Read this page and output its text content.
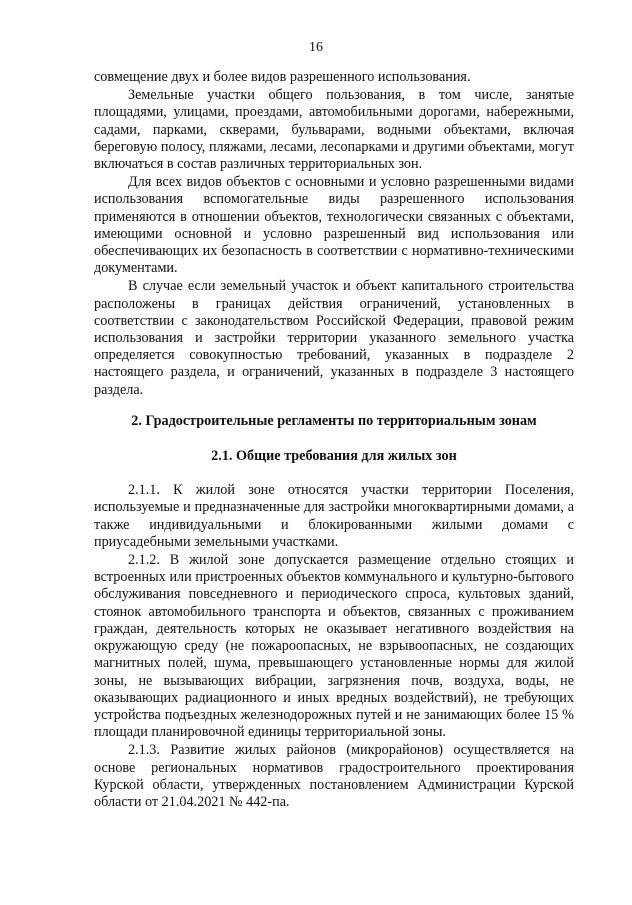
16

совмещение двух и более видов разрешенного использования.

Земельные участки общего пользования, в том числе, занятые площадями, улицами, проездами, автомобильными дорогами, набережными, садами, парками, скверами, бульварами, водными объектами, включая береговую полосу, пляжами, лесами, лесопарками и другими объектами, могут включаться в состав различных территориальных зон.

Для всех видов объектов с основными и условно разрешенными видами использования вспомогательные виды разрешенного использования применяются в отношении объектов, технологически связанных с объектами, имеющими основной и условно разрешенный вид использования или обеспечивающих их безопасность в соответствии с нормативно-техническими документами.

В случае если земельный участок и объект капитального строительства расположены в границах действия ограничений, установленных в соответствии с законодательством Российской Федерации, правовой режим использования и застройки территории указанного земельного участка определяется совокупностью требований, указанных в подразделе 2 настоящего раздела, и ограничений, указанных в подразделе 3 настоящего раздела.

2. Градостроительные регламенты по территориальным зонам
2.1. Общие требования для жилых зон

2.1.1. К жилой зоне относятся участки территории Поселения, используемые и предназначенные для застройки многоквартирными домами, а также индивидуальными и блокированными жилыми домами с приусадебными земельными участками.

2.1.2. В жилой зоне допускается размещение отдельно стоящих и встроенных или пристроенных объектов коммунального и культурно-бытового обслуживания повседневного и периодического спроса, культовых зданий, стоянок автомобильного транспорта и объектов, связанных с проживанием граждан, деятельность которых не оказывает негативного воздействия на окружающую среду (не пожароопасных, не взрывоопасных, не создающих магнитных полей, шума, превышающего установленные нормы для жилой зоны, не вызывающих вибрации, загрязнения почв, воздуха, воды, не оказывающих радиационного и иных вредных воздействий), не требующих устройства подъездных железнодорожных путей и не занимающих более 15 % площади планировочной единицы территориальной зоны.

2.1.3. Развитие жилых районов (микрорайонов) осуществляется на основе региональных нормативов градостроительного проектирования Курской области, утвержденных постановлением Администрации Курской области от 21.04.2021 № 442-па.
